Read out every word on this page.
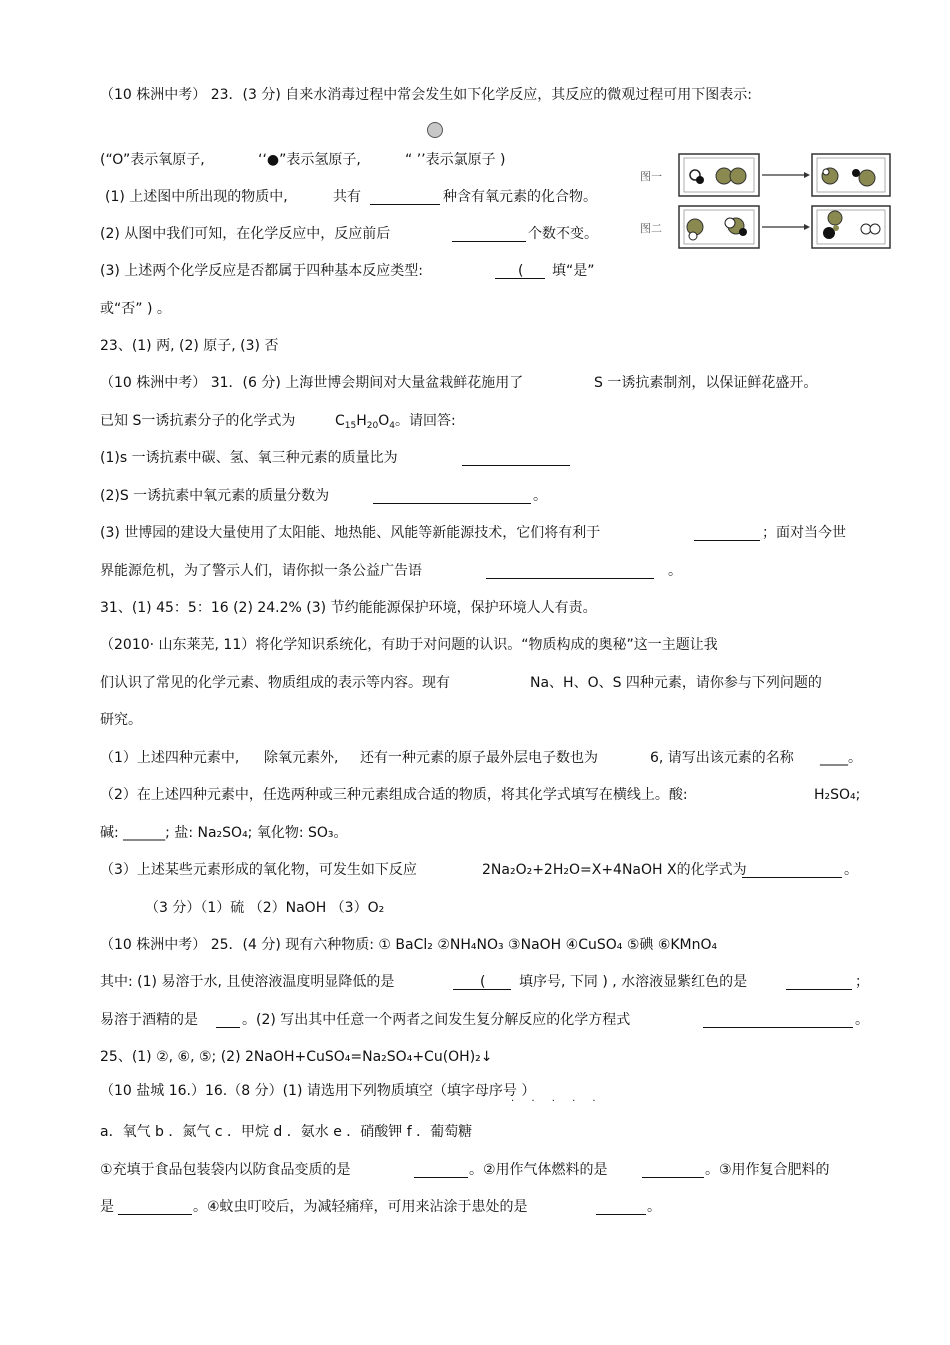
（10 株洲中考） 23．(3 分) 自来水消毒过程中常会发生如下化学反应，其反应的微观过程可用下图表示:
(“O”表示氧原子,	‘‘●”表示氢原子,	“ ’’表示氯原子 )
(1) 上述图中所出现的物质中,	共有	种含有氧元素的化合物。
(2) 从图中我们可知，在化学反应中，反应前后	个数不变。
(3) 上述两个化学反应是否都属于四种基本反应类型:	( 填“是”
或“否” ) 。
图一
图二
23、(1) 两, (2) 原子, (3) 否
（10 株洲中考） 31．(6 分) 上海世博会期间对大量盆栽鲜花施用了	S 一诱抗素制剂，以保证鲜花盛开。
已知 S一诱抗素分子的化学式为	$C_{15}H_{20}O_4$。请回答:
(1)s 一诱抗素中碳、氢、氧三种元素的质量比为
(2)S 一诱抗素中氧元素的质量分数为	。
(3) 世博园的建设大量使用了太阳能、地热能、风能等新能源技术，它们将有利于	；面对当今世
界能源危机，为了警示人们，请你拟一条公益广告语	。
31、(1) 45：5：16 (2) 24.2% (3) 节约能能源保护环境，保护环境人人有责。
（2010· 山东莱芜, 11）将化学知识系统化，有助于对问题的认识。“物质构成的奥秘”这一主题让我
们认识了常见的化学元素、物质组成的表示等内容。现有	Na、H、O、S 四种元素，请你参与下列问题的
研究。
（1）上述四种元素中, 除氧元素外, 还有一种元素的原子最外层电子数也为	6, 请写出该元素的名称 ____。
（2）在上述四种元素中，任选两种或三种元素组成合适的物质，将其化学式填写在横线上。酸:	H₂SO₄;
碱: ______; 盐: Na₂SO₄; 氧化物: SO₃。
（3）上述某些元素形成的氧化物，可发生如下反应	2Na₂O₂+2H₂O=X+4NaOH X的化学式为	。
（3 分）（1）硫 （2）NaOH （3）O₂
（10 株洲中考） 25．(4 分) 现有六种物质: ① BaCl₂ ②NH₄NO₃ ③NaOH ④CuSO₄ ⑤碘 ⑥KMnO₄
其中: (1) 易溶于水, 且使溶液温度明显降低的是	( 填序号, 下同 ) , 水溶液显紫红色的是	；
易溶于酒精的是	。(2) 写出其中任意一个两者之间发生复分解反应的化学方程式	。
25、(1) ②, ⑥, ⑤; (2) 2NaOH+CuSO₄=Na₂SO₄+Cu(OH)₂↓
（10 盐城 16.）16.（8 分）(1) 请选用下列物质填空（填字母序号 ）
· · · · ·
a．氧气 b ．氮气 c ．甲烷 d ．氨水 e ．硝酸钾 f ．葡萄糖
①充填于食品包装袋内以防食品变质的是	。②用作气体燃料的是	。③用作复合肥料的
是	。④蚊虫叮咬后，为减轻痛痒，可用来沾涂于患处的是	。
